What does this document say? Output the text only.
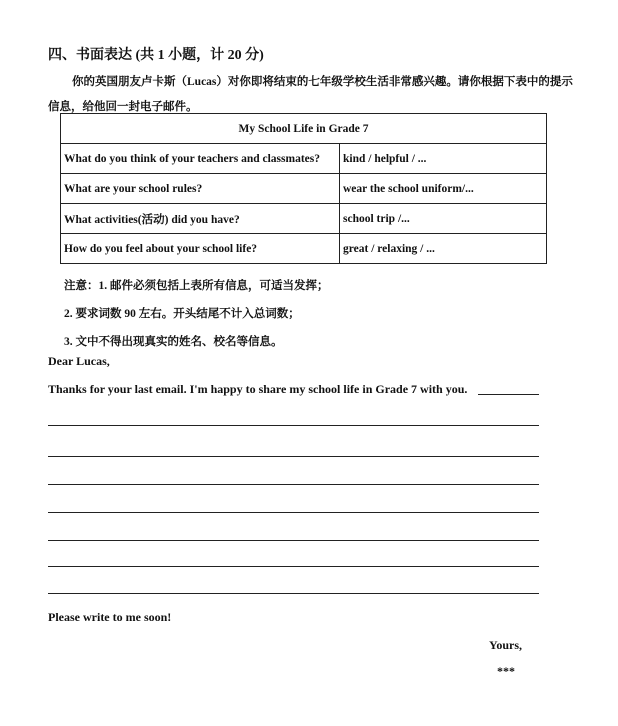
四、书面表达 (共 1 小题，计 20 分)
你的英国朋友卢卡斯（Lucas）对你即将结束的七年级学校生活非常感兴趣。请你根据下表中的提示信息，给他回一封电子邮件。
My School Life in Grade 7	
What do you think of your teachers and classmates?	kind / helpful / ...
What are your school rules?	wear the school uniform/...
What activities(活动) did you have?	school trip /...
How do you feel about your school life?	great / relaxing / ...
注意：1. 邮件必须包括上表所有信息，可适当发挥；
2. 要求词数 90 左右。开头结尾不计入总词数；
3. 文中不得出现真实的姓名、校名等信息。
Dear Lucas,
Thanks for your last email. I'm happy to share my school life in Grade 7 with you.
Please write to me soon!
Yours,
***
